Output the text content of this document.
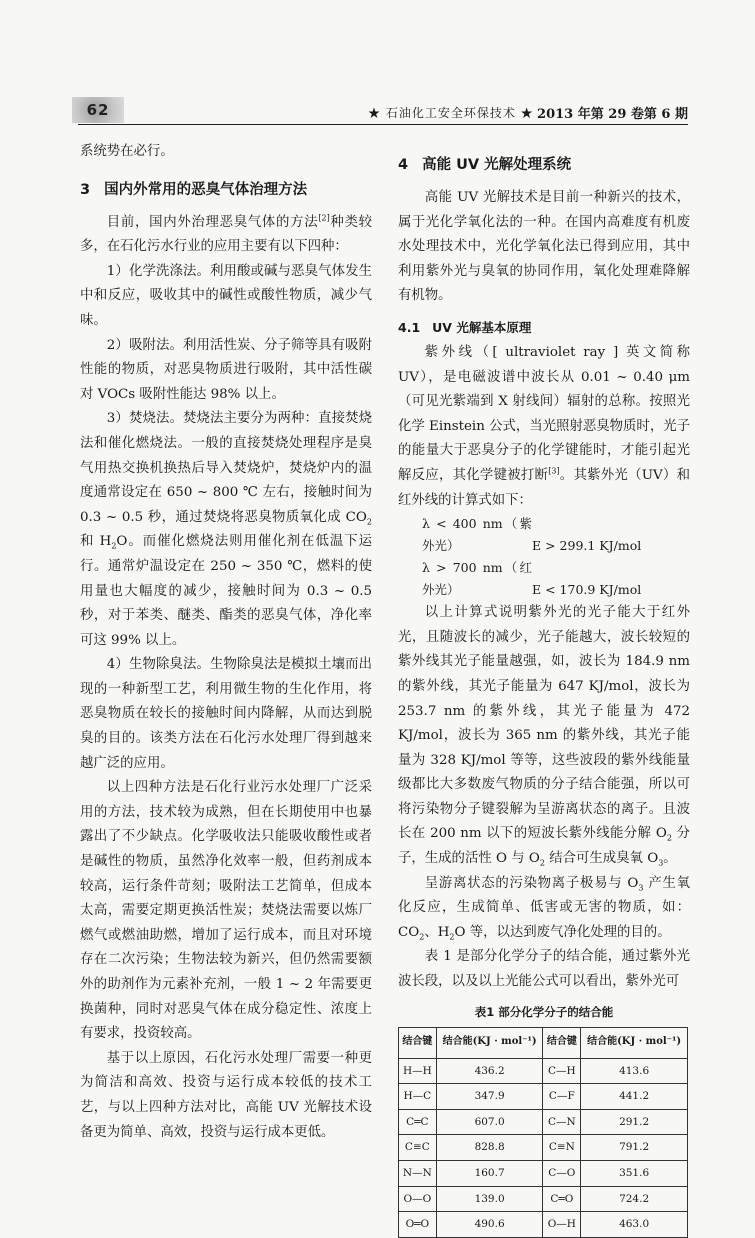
62	★ 石油化工安全环保技术 ★ 2013 年第 29 卷第 6 期

系统势在必行。

3 国内外常用的恶臭气体治理方法

目前，国内外治理恶臭气体的方法[2]种类较多，在石化污水行业的应用主要有以下四种：

1）化学洗涤法。利用酸或碱与恶臭气体发生中和反应，吸收其中的碱性或酸性物质，减少气味。

2）吸附法。利用活性炭、分子筛等具有吸附性能的物质，对恶臭物质进行吸附，其中活性碳对 VOCs 吸附性能达 98% 以上。

3）焚烧法。焚烧法主要分为两种：直接焚烧法和催化燃烧法。一般的直接焚烧处理程序是臭气用热交换机换热后导入焚烧炉，焚烧炉内的温度通常设定在 650 ~ 800 ℃ 左右，接触时间为 0.3 ~ 0.5 秒，通过焚烧将恶臭物质氧化成 $CO_2$ 和 $H_2O$。而催化燃烧法则用催化剂在低温下运行。通常炉温设定在 250 ~ 350 ℃，燃料的使用量也大幅度的减少，接触时间为 0.3 ~ 0.5 秒，对于苯类、醚类、酯类的恶臭气体，净化率可这 99% 以上。

4）生物除臭法。生物除臭法是模拟土壤而出现的一种新型工艺，利用微生物的生化作用，将恶臭物质在较长的接触时间内降解，从而达到脱臭的目的。该类方法在石化污水处理厂得到越来越广泛的应用。

以上四种方法是石化行业污水处理厂广泛采用的方法，技术较为成熟，但在长期使用中也暴露出了不少缺点。化学吸收法只能吸收酸性或者是碱性的物质，虽然净化效率一般，但药剂成本较高，运行条件苛刻；吸附法工艺简单，但成本太高，需要定期更换活性炭；焚烧法需要以炼厂燃气或燃油助燃，增加了运行成本，而且对环境存在二次污染；生物法较为新兴，但仍然需要额外的助剂作为元素补充剂，一般 1 ~ 2 年需要更换菌种，同时对恶臭气体在成分稳定性、浓度上有要求，投资较高。

基于以上原因，石化污水处理厂需要一种更为简洁和高效、投资与运行成本较低的技术工艺，与以上四种方法对比，高能 UV 光解技术设备更为简单、高效，投资与运行成本更低。

4 高能 UV 光解处理系统

高能 UV 光解技术是目前一种新兴的技术，属于光化学氧化法的一种。在国内高难度有机废水处理技术中，光化学氧化法已得到应用，其中利用紫外光与臭氧的协同作用，氧化处理难降解有机物。

4.1 UV 光解基本原理

紫外线（[ ultraviolet ray ] 英文简称 UV），是电磁波谱中波长从 0.01 ~ 0.40 μm（可见光紫端到 X 射线间）辐射的总称。按照光化学 Einstein 公式，当光照射恶臭物质时，光子的能量大于恶臭分子的化学键能时，才能引起光解反应，其化学键被打断[3]。其紫外光（UV）和红外线的计算式如下：

λ < 400 nm（紫外光）	E > 299.1 KJ/mol
λ > 700 nm（红外光）	E < 170.9 KJ/mol

以上计算式说明紫外光的光子能大于红外光，且随波长的减少，光子能越大，波长较短的紫外线其光子能量越强，如，波长为 184.9 nm 的紫外线，其光子能量为 647 KJ/mol，波长为 253.7 nm 的紫外线，其光子能量为 472 KJ/mol，波长为 365 nm 的紫外线，其光子能量为 328 KJ/mol 等等，这些波段的紫外线能量级都比大多数废气物质的分子结合能强，所以可将污染物分子键裂解为呈游离状态的离子。且波长在 200 nm 以下的短波长紫外线能分解 $O_2$ 分子，生成的活性 O 与 $O_2$ 结合可生成臭氧 $O_3$。

呈游离状态的污染物离子极易与 $O_3$ 产生氧化反应，生成简单、低害或无害的物质，如：$CO_2$、$H_2O$ 等，以达到废气净化处理的目的。

表 1 是部分化学分子的结合能，通过紫外光波长段，以及以上光能公式可以看出，紫外光可

表1 部分化学分子的结合能
结合键	结合能(KJ · mol⁻¹)	结合键	结合能(KJ · mol⁻¹)
H—H	436.2	C—H	413.6
H—C	347.9	C—F	441.2
C═C	607.0	C—N	291.2
C≡C	828.8	C≡N	791.2
N—N	160.7	C—O	351.6
O—O	139.0	C═O	724.2
O═O	490.6	O—H	463.0
